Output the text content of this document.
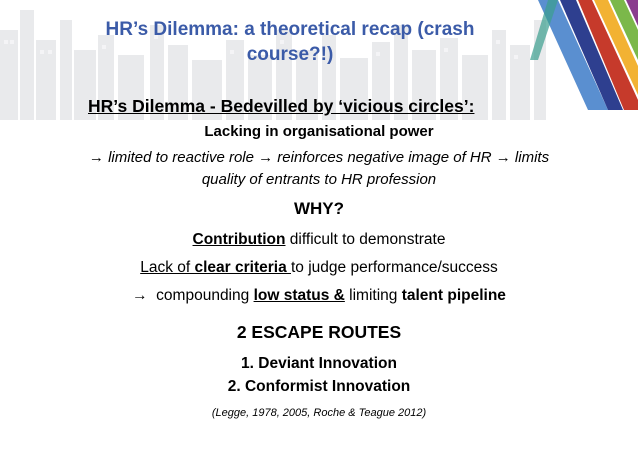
HR’s Dilemma: a theoretical recap (crash
course?!)
HR’s Dilemma - Bedevilled by ‘vicious circles’:
Lacking in organisational power
→ limited to reactive role → reinforces negative image of HR → limits
quality of entrants to HR profession
WHY?
Contribution difficult to demonstrate
Lack of clear criteria to judge performance/success
→  compounding low status & limiting talent pipeline
2 ESCAPE ROUTES
1. Deviant Innovation
2. Conformist Innovation
(Legge, 1978, 2005, Roche & Teague 2012)
